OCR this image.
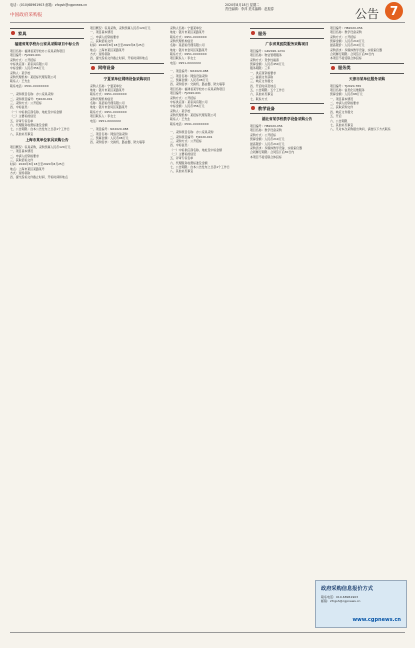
电话：(010)68961903 邮箱：zfcgsh@cgpnews.cn
中国政府采购报
2020年8月18日 星期二
责任编辑：李萍 美术编辑：赵振春	公告 7
家具
福建省某学校办公家具采购项目中标公告
项目名称：福建省某学校办公家具采购项目
项目编号：FJ2020-001
采购方式：公开招标
中标供应商：某家具有限公司
中标金额：人民币356万元
采购人：某学校
采购代理机构：某招标代理有限公司
联系人：王先生
联系电话：0591-XXXXXXXX

一、采购项目名称：办公家具采购
二、采购项目编号：FJ2020-001
三、采购方式：公开招标
四、中标信息：
（一）中标供应商名称、地址及中标金额
（二）主要标的信息
五、评审专家名单
六、代理服务收费标准及金额
七、公告期限：自本公告发布之日起1个工作日
八、其他补充事宜
上海市某单位家具采购公告
项目概况：家具采购，采购预算人民币120万元
一、项目基本情况
二、申请人的资格要求
三、获取招标文件
时间：2020年8月18日至2020年8月25日
地点：上海市某区某路某号
方式：现场领取
四、提交投标文件截止时间、开标时间和地点
项目概况：家具采购，采购预算人民币120万元
一、项目基本情况
二、申请人的资格要求
三、获取招标文件
时间：2020年8月18日至2020年8月25日
地点：上海市某区某路某号
方式：现场领取
四、提交投标文件截止时间、开标时间和地点
网络设备
宁夏某单位网络设备采购项目
采购人名称：宁夏某单位
地址：银川市某区某路某号
联系方式：0951-XXXXXXX
采购代理机构信息
名称：某招标代理有限公司
地址：银川市金凤区某路某号
联系方式：0951-XXXXXXX
项目联系人：李女士
电话：0951-XXXXXXX

一、项目编号：NX2020-088
二、项目名称：网络设备采购
三、预算金额：人民币98万元
四、采购需求：交换机、路由器、防火墙等
采购人名称：宁夏某单位
地址：银川市某区某路某号
联系方式：0951-XXXXXXX
采购代理机构信息
名称：某招标代理有限公司
地址：银川市金凤区某路某号
联系方式：0951-XXXXXXX
项目联系人：李女士
电话：0951-XXXXXXX

一、项目编号：NX2020-088
二、项目名称：网络设备采购
三、预算金额：人民币98万元
四、采购需求：交换机、路由器、防火墙等
项目名称：福建省某学校办公家具采购项目
项目编号：FJ2020-001
采购方式：公开招标
中标供应商：某家具有限公司
中标金额：人民币356万元
采购人：某学校
采购代理机构：某招标代理有限公司
联系人：王先生
联系电话：0591-XXXXXXXX

一、采购项目名称：办公家具采购
二、采购项目编号：FJ2020-001
三、采购方式：公开招标
四、中标信息：
（一）中标供应商名称、地址及中标金额
（二）主要标的信息
五、评审专家名单
六、代理服务收费标准及金额
七、公告期限：自本公告发布之日起1个工作日
八、其他补充事宜
服务
广东省某医院服务采购项目
项目编号：GD2020-1234
项目名称：物业管理服务
采购方式：竞争性磋商
预算金额：人民币450万元
服务期限：三年
一、供应商资格要求
二、磋商文件获取
三、响应文件提交
四、开启时间及地点
五、公告期限：五个工作日
六、其他补充事宜
七、联系方式
教学设备
湖北省某学校教学设备采购公告
项目编号：HB2020-056
项目名称：教学设备采购
采购方式：公开招标
预算金额：人民币210万元
最高限价：人民币210万元
采购需求：多媒体教学设备、实验室仪器
合同履行期限：合同签订后30日内
本项目不接受联合体投标
项目编号：HB2020-056
项目名称：教学设备采购
采购方式：公开招标
预算金额：人民币210万元
最高限价：人民币210万元
采购需求：多媒体教学设备、实验室仪器
合同履行期限：合同签订后30日内
本项目不接受联合体投标
服务类
天津市某单位服务采购
项目编号：TJ2020-789
项目名称：信息化运维服务
预算金额：人民币68万元
一、项目基本情况
二、申请人的资格要求
三、获取采购文件
四、响应文件提交
五、开启
六、公告期限
七、其他补充事宜
八、凡对本次采购提出询问，请按以下方式联系
政府采购信息报价方式
联系电话：010-68961903
邮箱：zfcgsh@cgpnews.cn
www.cgpnews.cn
